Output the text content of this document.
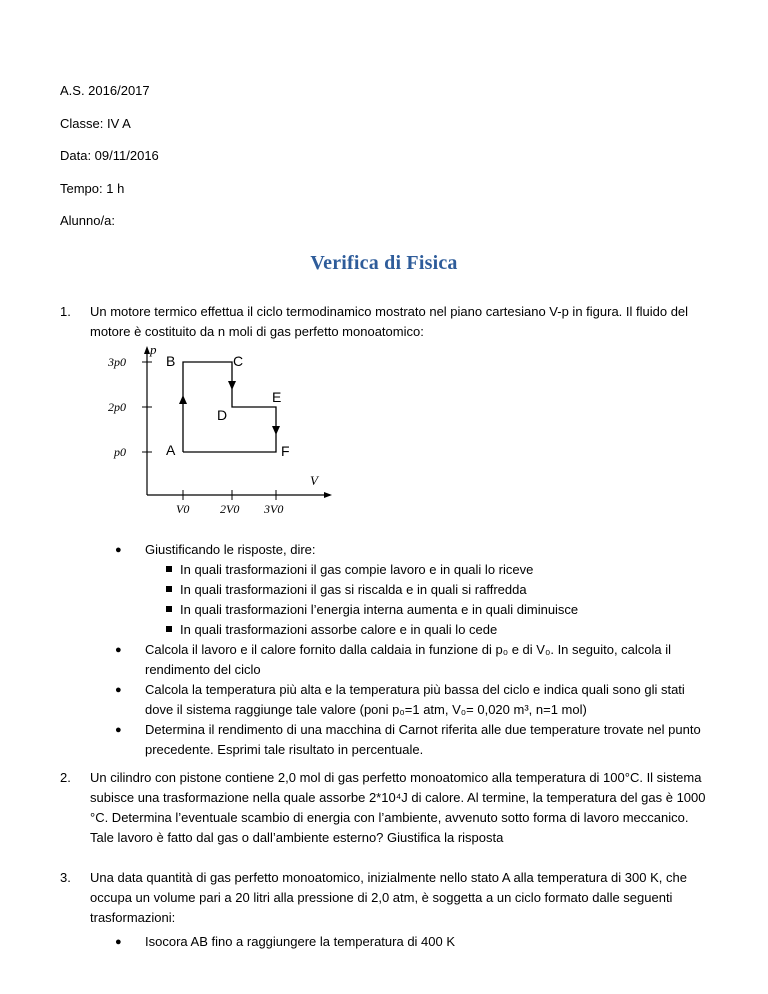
A.S. 2016/2017

Classe: IV A

Data: 09/11/2016

Tempo: 1 h

Alunno/a:

Verifica di Fisica
1. Un motore termico effettua il ciclo termodinamico mostrato nel piano cartesiano V-p in figura. Il fluido del motore è costituito da n moli di gas perfetto monoatomico:
p
V
3p0
2p0
p0
V0	2V0 3V0
A
B	C
D
E
F
● Giustificando le risposte, dire:
In quali trasformazioni il gas compie lavoro e in quali lo riceve
In quali trasformazioni il gas si riscalda e in quali si raffredda
In quali trasformazioni l’energia interna aumenta e in quali diminuisce
In quali trasformazioni assorbe calore e in quali lo cede
● Calcola il lavoro e il calore fornito dalla caldaia in funzione di p₀ e di V₀. In seguito, calcola il rendimento del ciclo
● Calcola la temperatura più alta e la temperatura più bassa del ciclo e indica quali sono gli stati dove il sistema raggiunge tale valore (poni p₀=1 atm, V₀= 0,020 m³, n=1 mol)
● Determina il rendimento di una macchina di Carnot riferita alle due temperature trovate nel punto precedente. Esprimi tale risultato in percentuale.
2. Un cilindro con pistone contiene 2,0 mol di gas perfetto monoatomico alla temperatura di 100°C. Il sistema subisce una trasformazione nella quale assorbe 2*10⁴J di calore. Al termine, la temperatura del gas è 1000 °C. Determina l’eventuale scambio di energia con l’ambiente, avvenuto sotto forma di lavoro meccanico. Tale lavoro è fatto dal gas o dall’ambiente esterno? Giustifica la risposta
3. Una data quantità di gas perfetto monoatomico, inizialmente nello stato A alla temperatura di 300 K, che occupa un volume pari a 20 litri alla pressione di 2,0 atm, è soggetta a un ciclo formato dalle seguenti trasformazioni:
● Isocora AB fino a raggiungere la temperatura di 400 K
